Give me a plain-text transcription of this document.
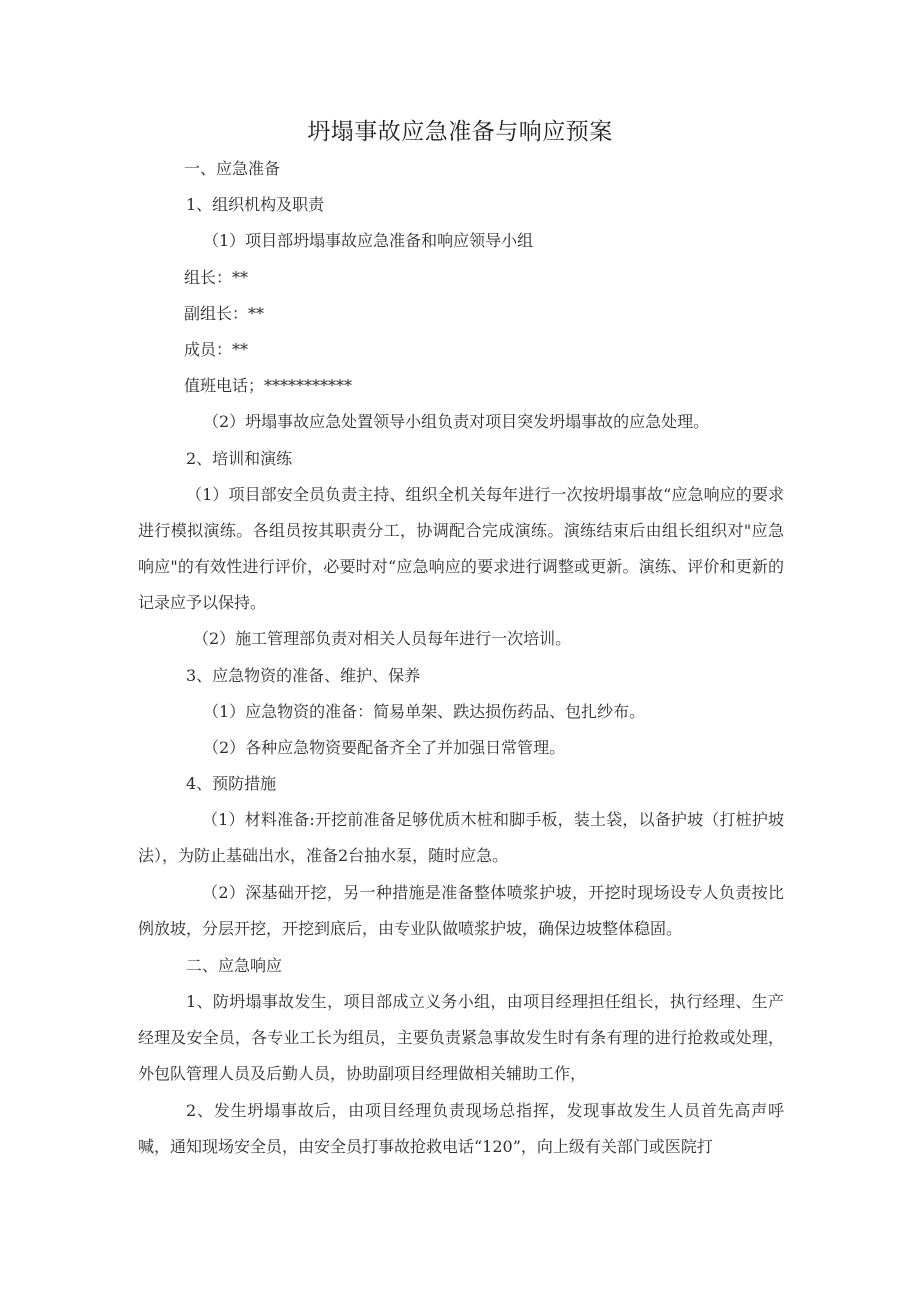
坍塌事故应急准备与响应预案
一、应急准备
1、组织机构及职责
（1）项目部坍塌事故应急准备和响应领导小组
组长：**
副组长：**
成员：**
值班电话；***********
（2）坍塌事故应急处置领导小组负责对项目突发坍塌事故的应急处理。
2、培训和演练
（1）项目部安全员负责主持、组织全机关每年进行一次按坍塌事故“应急响应的要求进行模拟演练。各组员按其职责分工，协调配合完成演练。演练结束后由组长组织对"应急响应"的有效性进行评价，必要时对“应急响应的要求进行调整或更新。演练、评价和更新的记录应予以保持。
（2）施工管理部负责对相关人员每年进行一次培训。
3、应急物资的准备、维护、保养
（1）应急物资的准备：简易单架、跌达损伤药品、包扎纱布。
（2）各种应急物资要配备齐全了并加强日常管理。
4、预防措施
（1）材料准备:开挖前准备足够优质木桩和脚手板，装土袋，以备护坡（打桩护坡法），为防止基础出水，准备2台抽水泵，随时应急。
（2）深基础开挖，另一种措施是准备整体喷浆护坡，开挖时现场设专人负责按比例放坡，分层开挖，开挖到底后，由专业队做喷浆护坡，确保边坡整体稳固。
二、应急响应
1、防坍塌事故发生，项目部成立义务小组，由项目经理担任组长，执行经理、生产经理及安全员，各专业工长为组员，主要负责紧急事故发生时有条有理的进行抢救或处理，外包队管理人员及后勤人员，协助副项目经理做相关辅助工作，
2、发生坍塌事故后，由项目经理负责现场总指挥，发现事故发生人员首先高声呼喊，通知现场安全员，由安全员打事故抢救电话“120”，向上级有关部门或医院打
